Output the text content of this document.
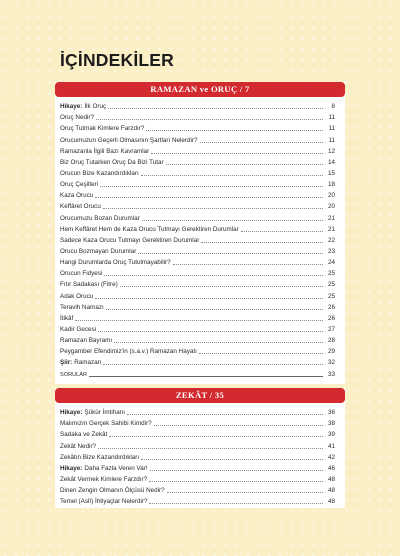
İÇİNDEKİLER
RAMAZAN ve ORUÇ / 7
Hikaye: İlk Oruç	8
Oruç Nedir?	11
Oruç Tutmak Kimlere Farzdır?	11
Orucumuzun Geçerli Olmasının Şartları Nelerdir?	11
Ramazanla İlgili Bazı Kavramlar	12
Biz Oruç Tutarken Oruç Da Bizi Tutar	14
Orucun Bize Kazandırdıkları	15
Oruç Çeşitleri	18
Kaza Orucu	20
Keffâret Orucu	20
Orucumuzu Bozan Durumlar	21
Hem Keffâret Hem de Kaza Orucu Tutmayı Gerektiren Durumlar	21
Sadece Kaza Orucu Tutmayı Gerektiren Durumlar	22
Orucu Bozmayan Durumlar	23
Hangi Durumlarda Oruç Tutulmayabilir?	24
Orucun Fidyesi	25
Fıtır Sadakası (Fitre)	25
Adak Orucu	25
Teravih Namazı	26
İtikâf	26
Kadir Gecesi	27
Ramazan Bayramı	28
Peygamber Efendimiz'in (s.a.v.) Ramazan Hayatı	29
Şiir: Ramazan	32
SORULAR	33
ZEKÂT / 35
Hikaye: Şükür İmtihanı	36
Malımızın Gerçek Sahibi Kimdir?	38
Sadaka ve Zekât	39
Zekât Nedir?	41
Zekâtın Bize Kazandırdıkları	42
Hikaye: Daha Fazla Veren Var!	46
Zekât Vermek Kimlere Farzdır?	48
Dinen Zengin Olmanın Ölçüsü Nedir?	48
Temel (Aslî) İhtiyaçlar Nelerdir?	48
